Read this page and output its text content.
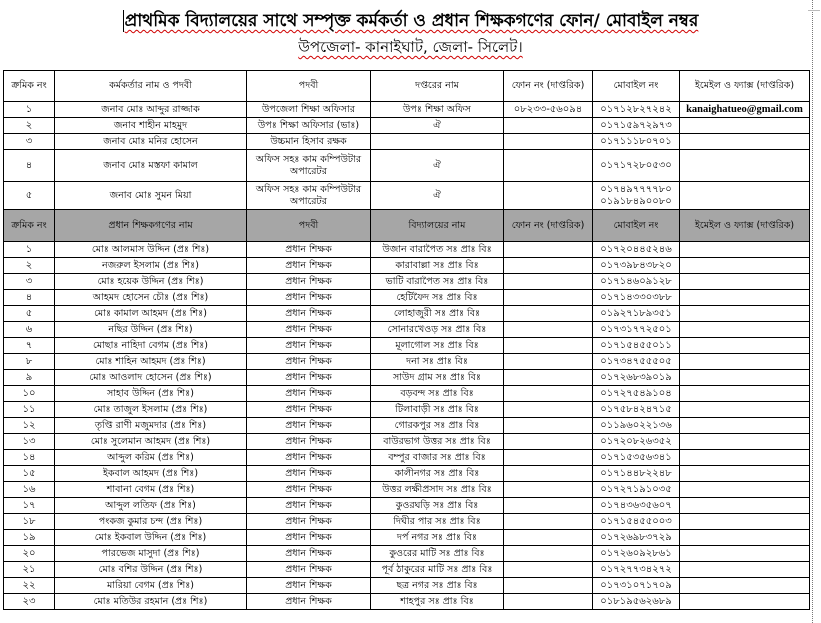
প্রাথমিক বিদ্যালয়ের সাথে সম্পৃক্ত কর্মকর্তা ও প্রধান শিক্ষকগণের ফোন/ মোবাইল নম্বর
উপজেলা- কানাইঘাট, জেলা- সিলেট।
ক্রমিক নং	কর্মকর্তার নাম ও পদবী	পদবী	দপ্তরের নাম	ফোন নং (দাপ্তরিক)	মোবাইল নং	ইমেইল ও ফ্যাক্স (দাপ্তরিক)
১	জনাব মোঃ আব্দুর রাজ্জাক	উপজেলা শিক্ষা অফিসার	উপঃ শিক্ষা অফিস	০৮২৩৩-৫৬০৯৪	০১৭১২৮২৭২৪২	kanaighatueo@gmail.com
২	জনাব শাহীন মাহমুদ	উপঃ শিক্ষা অফিসার (ভাঃ)	ঐ		০১৭১৫৯৭২৯৭৩	

৩	জনাব মোঃ মনির হোসেন	উচ্চমান হিসাব রক্ষক			০১৭১১১৮০৭০১	

৪	জনাব মোঃ মস্তফা কামাল	অফিস সহঃ কাম কম্পিউটার অপারেটর	ঐ		০১৭১৭২৮০৫৩০	

৫	জনাব মোঃ সুমন মিয়া	অফিস সহঃ কাম কম্পিউটার অপারেটর	ঐ		০১৭৪৯৭৭৭৭৮০
০১৯১৮৪৯০০৮০	

ক্রমিক নং	প্রধান শিক্ষকগণের নাম	পদবী	বিদ্যালয়ের নাম	ফোন নং (দাপ্তরিক)	মোবাইল নং	ইমেইল ও ফ্যাক্স (দাপ্তরিক)
১	মোঃ আলমাস উদ্দিন (প্রঃ শিঃ)	প্রধান শিক্ষক	উজান বারাপৈত সঃ প্রাঃ বিঃ		০১৭২০৪৪৫২৪৬	
২	নজরুল ইসলাম (প্রঃ শিঃ)	প্রধান শিক্ষক	কারাবাল্লা সঃ প্রাঃ বিঃ		০১৭৩৯৮৪৩৮২০	
৩	মোঃ হয়েক উদ্দিন (প্রঃ শিঃ)	প্রধান শিক্ষক	ভাটি বারাপৈত সঃ প্রাঃ বিঃ		০১৭১৪৬০৯১২৮	
৪	আহমদ হোসেন চৌঃ (প্রঃ শিঃ)	প্রধান শিক্ষক	হেটিফৈদ সঃ প্রাঃ বিঃ		০১৭১৪৩৩০৩৮৮	
৫	মোঃ কামাল আহমদ (প্রঃ শিঃ)	প্রধান শিক্ষক	লোহাজুরী সঃ প্রাঃ বিঃ		০১৯২৭১৮৯৩৫১	
৬	নছির উদ্দিন (প্রঃ শিঃ)	প্রধান শিক্ষক	সোনারখেওড় সঃ প্রাঃ বিঃ		০১৭৩১৭৭২৫০১	
৭	মোছাঃ নাহিদা বেগম (প্রঃ শিঃ)	প্রধান শিক্ষক	মূলাগোল সঃ প্রাঃ বিঃ		০১৭১৫৪৫৫০১১	
৮	মোঃ শাহিন আহমদ (প্রঃ শিঃ)	প্রধান শিক্ষক	দনা সঃ প্রাঃ বিঃ		০১৭৩৪৭৫৫৫০৫	
৯	মোঃ আওলাদ হোসেন (প্রঃ শিঃ)	প্রধান শিক্ষক	সাউদ গ্রাম সঃ প্রাঃ বিঃ		০১৭২৬৮৩৯০১৯	
১০	সাহাব উদ্দিন (প্রঃ শিঃ)	প্রধান শিক্ষক	বড়বন্দ সঃ প্রাঃ বিঃ		০১৭২৭৫৪৯১০৪	
১১	মোঃ তাজুল ইসলাম (প্রঃ শিঃ)	প্রধান শিক্ষক	টিলাবাড়ী সঃ প্রাঃ বিঃ		০১৭৫৮৪২৪৭১৫	
১২	তৃপ্তি রাণী মজুমদার (প্রঃ শিঃ)	প্রধান শিক্ষক	গোরকপুর সঃ প্রাঃ বিঃ		০১১৯৬০২২১৩৬	
১৩	মোঃ সুলেমান আহমদ (প্রঃ শিঃ)	প্রধান শিক্ষক	বাউরভাগ উত্তর সঃ প্রাঃ বিঃ		০১৭২০৮২৬৩৫২	
১৪	আব্দুল করিম (প্রঃ শিঃ)	প্রধান শিক্ষক	বম্পুর বাজার সঃ প্রাঃ বিঃ		০১৭১৫৩৫৬৩৪১	
১৫	ইকবাল আহমদ (প্রঃ শিঃ)	প্রধান শিক্ষক	কালীনগর সঃ প্রাঃ বিঃ		০১৭১৪৪৮২২৪৮	
১৬	শাবানা বেগম (প্রঃ শিঃ)	প্রধান শিক্ষক	উত্তর লক্ষীপ্রসাদ সঃ প্রাঃ বিঃ		০১৭২৭১৯১০৩৫	
১৭	আব্দুল লতিফ (প্রঃ শিঃ)	প্রধান শিক্ষক	কুওরঘড়ি সঃ প্রাঃ বিঃ		০১৭৪৩৬৩৫৬০৭	
১৮	পংকজ কুমার চন্দ (প্রঃ শিঃ)	প্রধান শিক্ষক	দিঘীর পার সঃ প্রাঃ বিঃ		০১৭১৫৪৫৫০০৩	
১৯	মোঃ ইকবাল উদ্দিন (প্রঃ শিঃ)	প্রধান শিক্ষক	দর্প নগর সঃ প্রাঃ বিঃ		০১৭২৬৯৮৩৭২৯	
২০	পারভেজ মাসুদা (প্রঃ শিঃ)	প্রধান শিক্ষক	কুওরের মাটি সঃ প্রাঃ বিঃ		০১৭২৬০৯২৮৬১	
২১	মোঃ বশির উদ্দিন (প্রঃ শিঃ)	প্রধান শিক্ষক	পূর্ব ঠাকুরের মাটি সঃ প্রাঃ বিঃ		০১৭২৭৭৩৪২৭২	
২২	মারিয়া বেগম (প্রঃ শিঃ)	প্রধান শিক্ষক	ছত্র নগর সঃ প্রাঃ বিঃ		০১৭৩১০৭১৭০৯	
২৩	মোঃ মতিউর রহমান (প্রঃ শিঃ)	প্রধান শিক্ষক	শাহপুর সঃ প্রাঃ বিঃ		০১৮১৯৫৬২৬৮৯	
